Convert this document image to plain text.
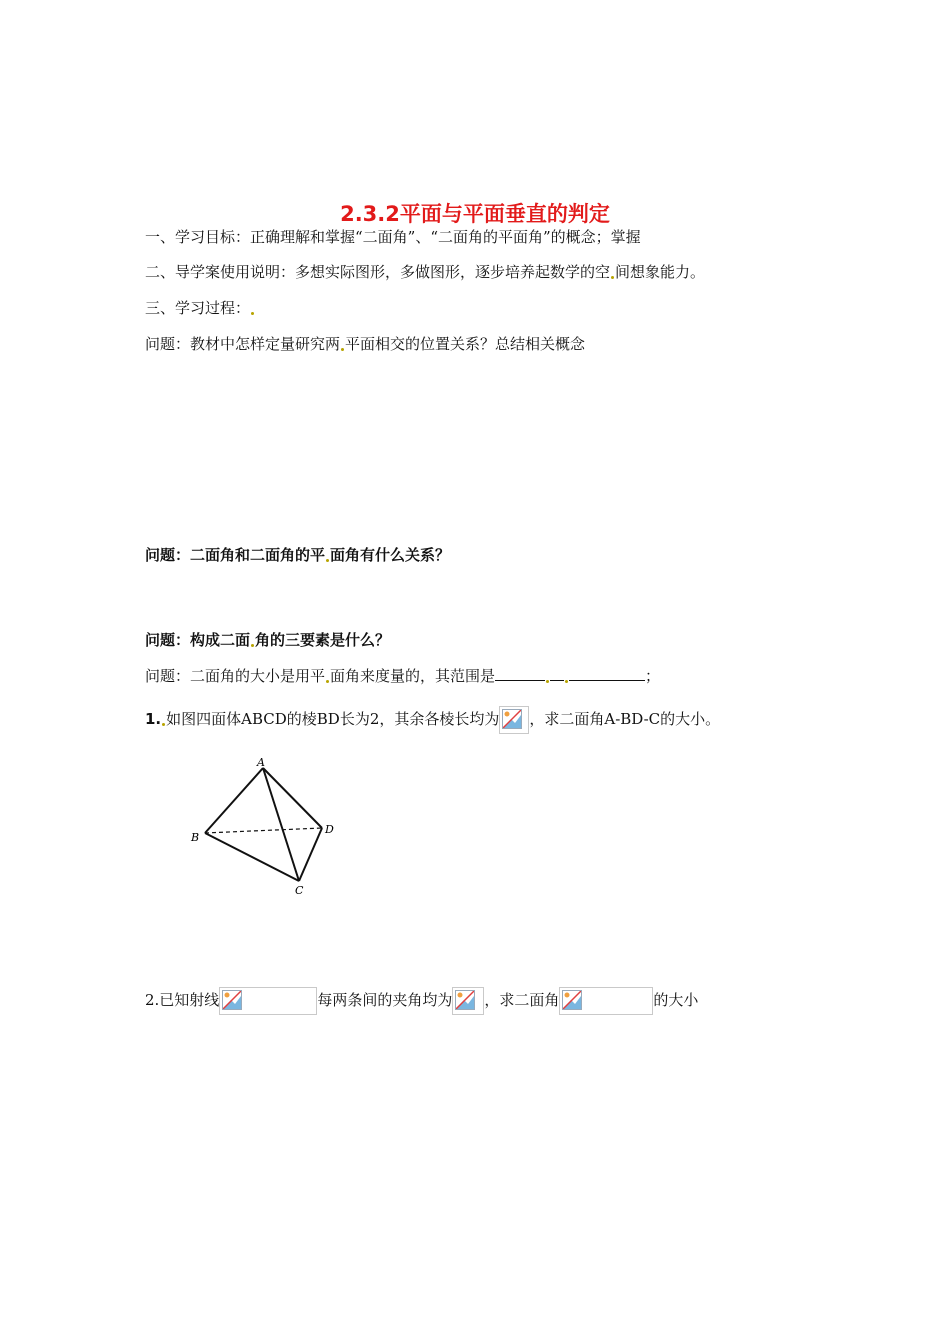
2.3.2平面与平面垂直的判定
一、学习目标：正确理解和掌握“二面角”、“二面角的平面角”的概念；掌握
二、导学案使用说明：多想实际图形，多做图形，逐步培养起数学的空 间想象能力。
三、学习过程：
问题：教材中怎样定量研究两 平面相交的位置关系？总结相关概念
问题：二面角和二面角的平 面角有什么关系？
问题：构成二面 角的三要素是什么？
问题：二面角的大小是用平 面角来度量的，其范围是	；
1. 如图四面体ABCD的棱BD长为2，其余各棱长均为 ，求二面角A-BD-C的大小。
A
B
D
C
2.已知射线	每两条间的夹角均为 ，求二面角	的大小
